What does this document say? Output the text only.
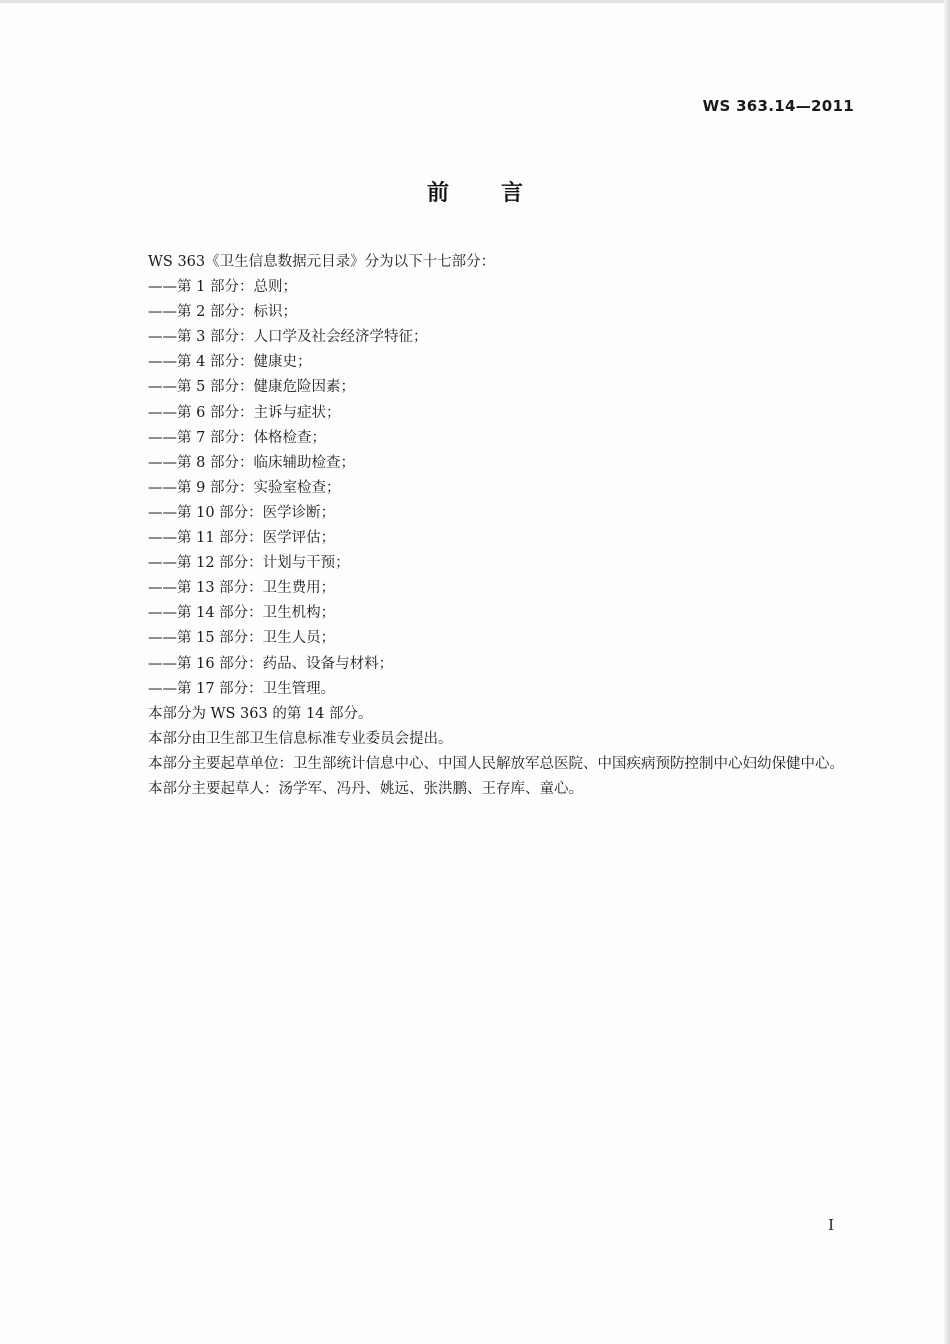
WS 363.14—2011
前言

WS 363《卫生信息数据元目录》分为以下十七部分：

——第 1 部分：总则；

——第 2 部分：标识；

——第 3 部分：人口学及社会经济学特征；

——第 4 部分：健康史；

——第 5 部分：健康危险因素；

——第 6 部分：主诉与症状；

——第 7 部分：体格检查；

——第 8 部分：临床辅助检查；

——第 9 部分：实验室检查；

——第 10 部分：医学诊断；

——第 11 部分：医学评估；

——第 12 部分：计划与干预；

——第 13 部分：卫生费用；

——第 14 部分：卫生机构；

——第 15 部分：卫生人员；

——第 16 部分：药品、设备与材料；

——第 17 部分：卫生管理。

本部分为 WS 363 的第 14 部分。

本部分由卫生部卫生信息标准专业委员会提出。

本部分主要起草单位：卫生部统计信息中心、中国人民解放军总医院、中国疾病预防控制中心妇幼保健中心。

本部分主要起草人：汤学军、冯丹、姚远、张洪鹏、王存库、童心。

I
